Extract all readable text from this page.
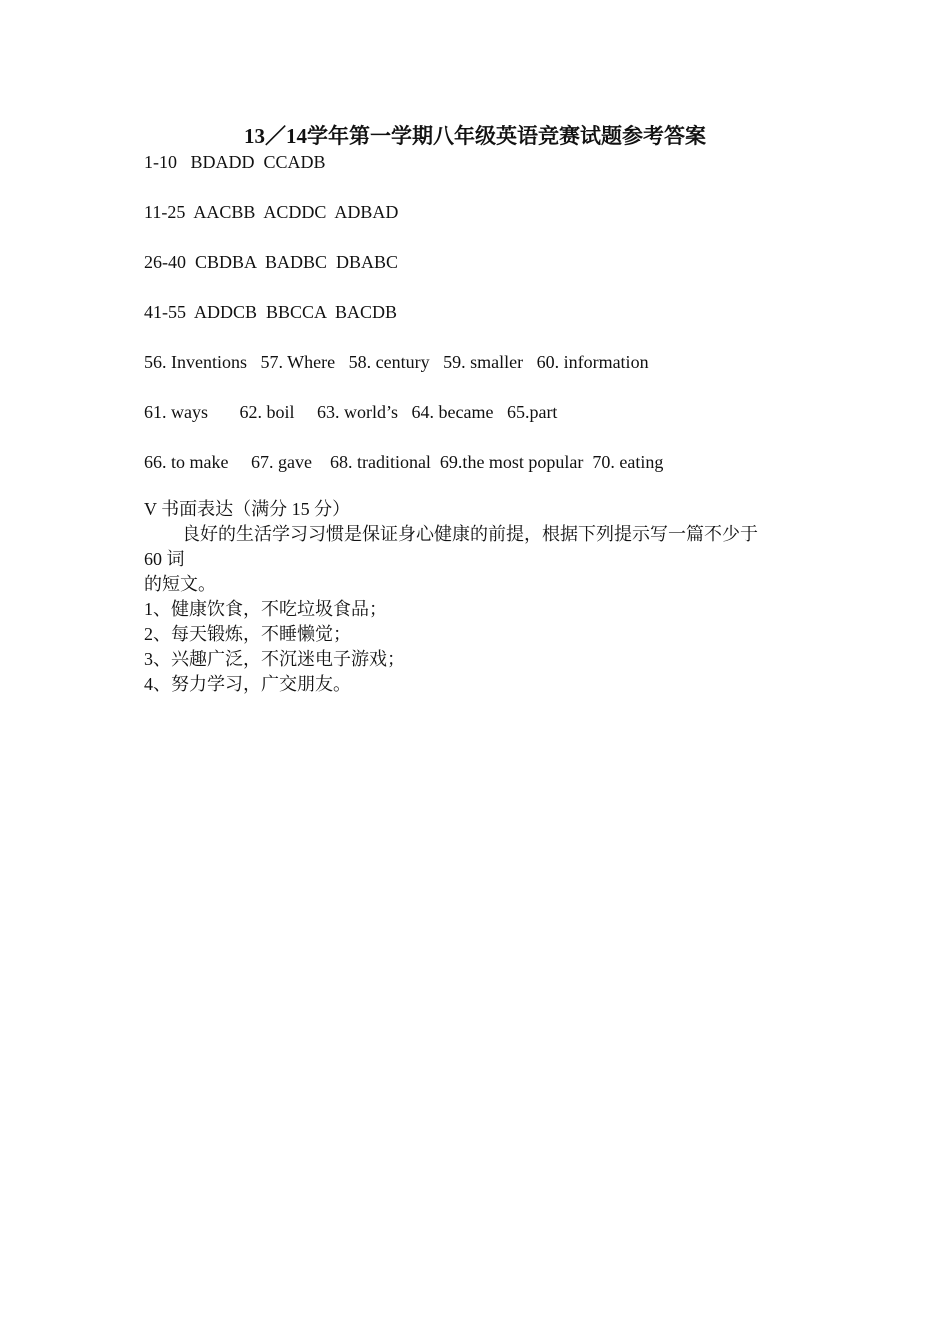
13／14学年第一学期八年级英语竞赛试题参考答案
1-10   BDADD  CCADB
11-25  AACBB  ACDDC  ADBAD
26-40  CBDBA  BADBC  DBABC
41-55  ADDCB  BBCCA  BACDB
56. Inventions   57. Where   58. century   59. smaller   60. information
61. ways       62. boil     63. world’s   64. became   65.part
66. to make     67. gave    68. traditional  69.the most popular  70. eating
V 书面表达（满分 15 分）
良好的生活学习习惯是保证身心健康的前提，根据下列提示写一篇不少于
60 词
的短文。
1、健康饮食，不吃垃圾食品；
2、每天锻炼，不睡懒觉；
3、兴趣广泛，不沉迷电子游戏；
4、努力学习，广交朋友。
